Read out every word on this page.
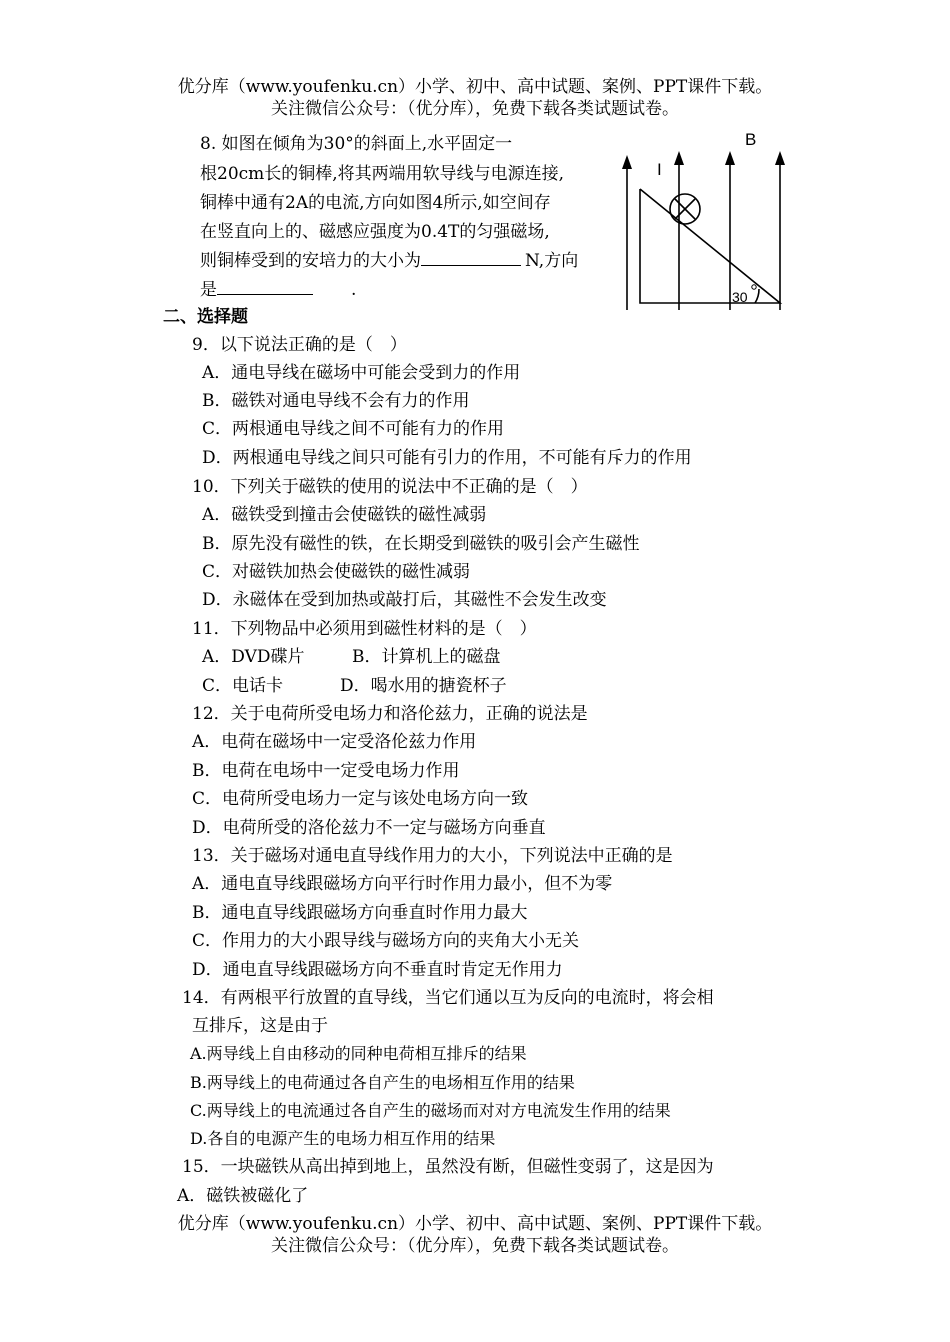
优分库（www.youfenku.cn）小学、初中、高中试题、案例、PPT课件下载。
关注微信公众号：（优分库），免费下载各类试题试卷。
8. 如图在倾角为30°的斜面上,水平固定一
根20cm长的铜棒,将其两端用软导线与电源连接,
铜棒中通有2A的电流,方向如图4所示,如空间存
在竖直向上的、磁感应强度为0.4T的匀强磁场,
则铜棒受到的安培力的大小为	N,方向
是	.
B
I
30
二、选择题
9．以下说法正确的是（　）
A．通电导线在磁场中可能会受到力的作用
B．磁铁对通电导线不会有力的作用
C．两根通电导线之间不可能有力的作用
D．两根通电导线之间只可能有引力的作用，不可能有斥力的作用
10．下列关于磁铁的使用的说法中不正确的是（　）
A．磁铁受到撞击会使磁铁的磁性减弱
B．原先没有磁性的铁，在长期受到磁铁的吸引会产生磁性
C．对磁铁加热会使磁铁的磁性减弱
D．永磁体在受到加热或敲打后，其磁性不会发生改变
11．下列物品中必须用到磁性材料的是（　）
A．DVD碟片	B．计算机上的磁盘
C．电话卡	D．喝水用的搪瓷杯子
12．关于电荷所受电场力和洛伦兹力，正确的说法是
A．电荷在磁场中一定受洛伦兹力作用
B．电荷在电场中一定受电场力作用
C．电荷所受电场力一定与该处电场方向一致
D．电荷所受的洛伦兹力不一定与磁场方向垂直
13．关于磁场对通电直导线作用力的大小，下列说法中正确的是
A．通电直导线跟磁场方向平行时作用力最小，但不为零
B．通电直导线跟磁场方向垂直时作用力最大
C．作用力的大小跟导线与磁场方向的夹角大小无关
D．通电直导线跟磁场方向不垂直时肯定无作用力
14．有两根平行放置的直导线，当它们通以互为反向的电流时，将会相
互排斥，这是由于
A.两导线上自由移动的同种电荷相互排斥的结果
B.两导线上的电荷通过各自产生的电场相互作用的结果
C.两导线上的电流通过各自产生的磁场而对对方电流发生作用的结果
D.各自的电源产生的电场力相互作用的结果
15．一块磁铁从高出掉到地上，虽然没有断，但磁性变弱了，这是因为
A．磁铁被磁化了
优分库（www.youfenku.cn）小学、初中、高中试题、案例、PPT课件下载。
关注微信公众号：（优分库），免费下载各类试题试卷。
